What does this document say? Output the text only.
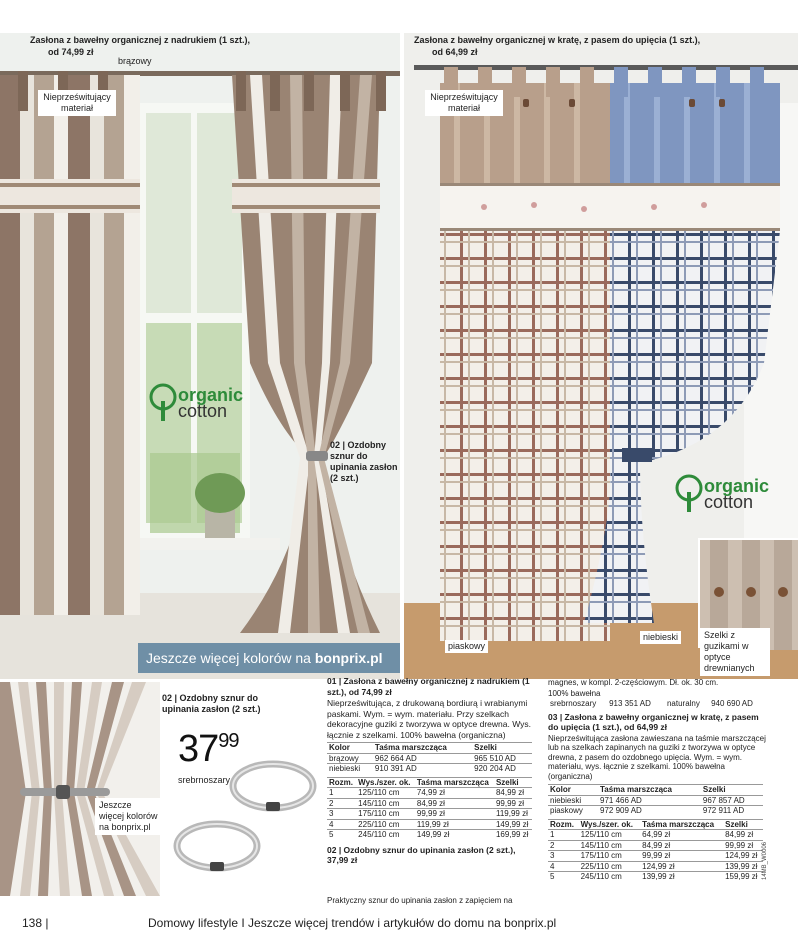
Zasłona z bawełny organicznej z nadrukiem (1 szt.),
od 74,99 zł
brązowy
Nieprześwitujący materiał
organic
cotton
02 | Ozdobny sznur do upinania zasłon (2 szt.)
Jeszcze więcej kolorów na bonprix.pl
Zasłona z bawełny organicznej w kratę, z pasem do upięcia (1 szt.),
od 64,99 zł
Nieprześwitujący materiał
organic
cotton
piaskowy
niebieski	Szelki z guzikami w optyce drewnianych
Jeszcze więcej kolorów na bonprix.pl
02 | Ozdobny sznur do upinania zasłon (2 szt.)
$37^{99}$
srebrnoszary
01 | Zasłona z bawełny organicznej z nadrukiem (1 szt.), od 74,99 zł
Nieprześwitująca, z drukowaną bordiurą i wrabianymi paskami. Wym. = wym. materiału. Przy szelkach dekoracyjne guziki z tworzywa w optyce drewna. Wys. łącznie z szelkami. 100% bawełna (organiczna)
Kolor	Taśma marszcząca	Szelki
brązowy	962 664 AD	965 510 AD
niebieski	910 391 AD	920 204 AD
Rozm.	Wys./szer. ok.	Taśma marszcząca	Szelki
1	125/110 cm	74,99 zł	84,99 zł
2	145/110 cm	84,99 zł	99,99 zł
3	175/110 cm	99,99 zł	119,99 zł
4	225/110 cm	119,99 zł	149,99 zł
5	245/110 cm	149,99 zł	169,99 zł
02 | Ozdobny sznur do upinania zasłon (2 szt.), 37,99 zł
Praktyczny sznur do upinania zasłon z zapięciem na
magnes, w kompl. 2-częściowym. Dł. ok. 30 cm.
100% bawełna
srebrnoszary	913 351 AD	naturalny	940 690 AD
03 | Zasłona z bawełny organicznej w kratę, z pasem do upięcia (1 szt.), od 64,99 zł
Nieprześwitująca zasłona zawieszana na taśmie marszczącej lub na szelkach zapinanych na guziki z tworzywa w optyce drewna, z pasem do ozdobnego upięcia. Wym. = wym. materiału, wys. łącznie z szelkami. 100% bawełna (organiczna)
Kolor	Taśma marszcząca	Szelki
niebieski	971 466 AD	967 857 AD
piaskowy	972 909 AD	972 911 AD
Rozm.	Wys./szer. ok.	Taśma marszcząca	Szelki
1	125/110 cm	64,99 zł	84,99 zł
2	145/110 cm	84,99 zł	99,99 zł
3	175/110 cm	99,99 zł	124,99 zł
4	225/110 cm	124,99 zł	139,99 zł
5	245/110 cm	139,99 zł	159,99 zł 14MB_W0006
138 |	Domowy lifestyle I Jeszcze więcej trendów i artykułów do domu na bonprix.pl
